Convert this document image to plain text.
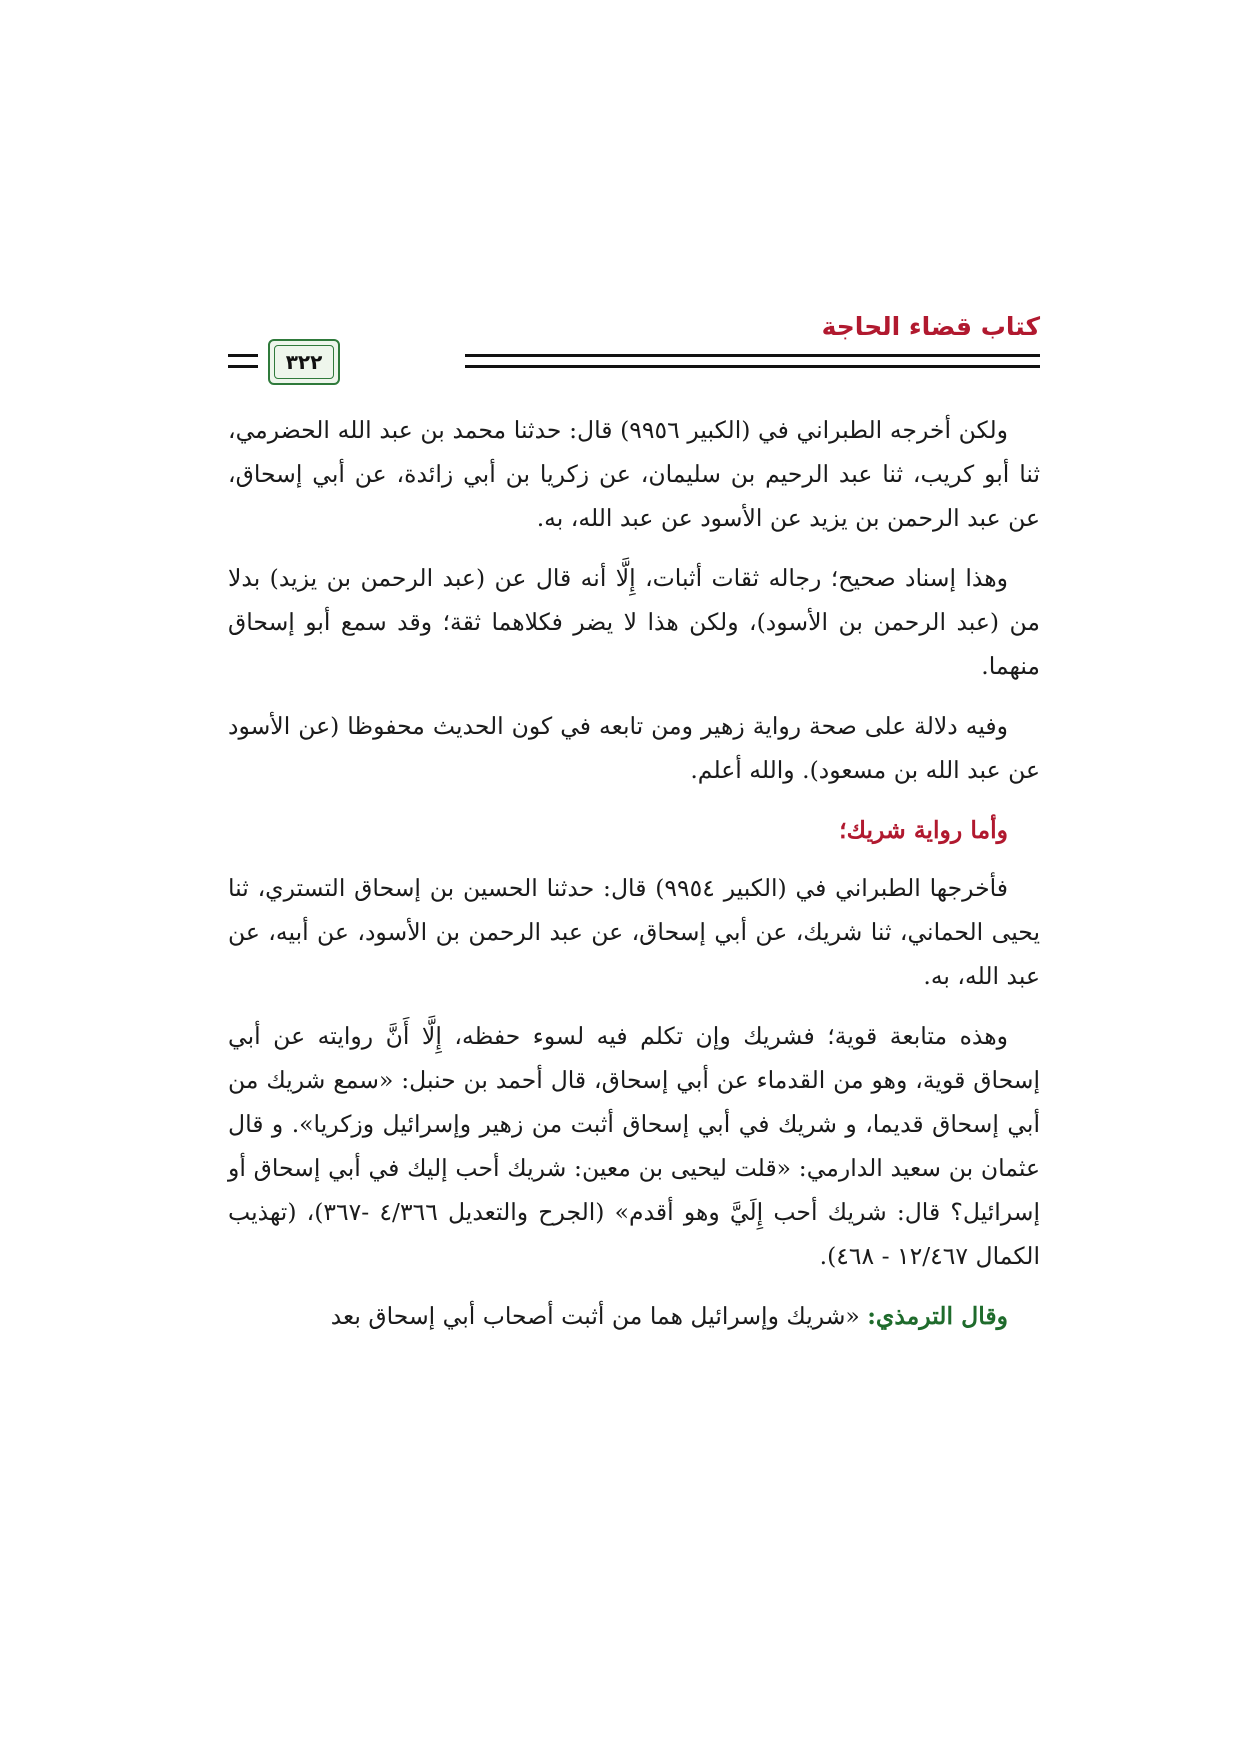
كتاب قضاء الحاجة
٣٢٢

ولكن أخرجه الطبراني في (الكبير ٩٩٥٦) قال: حدثنا محمد بن عبد الله الحضرمي، ثنا أبو كريب، ثنا عبد الرحيم بن سليمان، عن زكريا بن أبي زائدة، عن أبي إسحاق، عن عبد الرحمن بن يزيد عن الأسود عن عبد الله، به.

وهذا إسناد صحيح؛ رجاله ثقات أثبات، إِلَّا أنه قال عن (عبد الرحمن بن يزيد) بدلا من (عبد الرحمن بن الأسود)، ولكن هذا لا يضر فكلاهما ثقة؛ وقد سمع أبو إسحاق منهما.

وفيه دلالة على صحة رواية زهير ومن تابعه في كون الحديث محفوظا (عن الأسود عن عبد الله بن مسعود). والله أعلم.

وأما رواية شريك؛

فأخرجها الطبراني في (الكبير ٩٩٥٤) قال: حدثنا الحسين بن إسحاق التستري، ثنا يحيى الحماني، ثنا شريك، عن أبي إسحاق، عن عبد الرحمن بن الأسود، عن أبيه، عن عبد الله، به.

وهذه متابعة قوية؛ فشريك وإن تكلم فيه لسوء حفظه، إِلَّا أَنَّ روايته عن أبي إسحاق قوية، وهو من القدماء عن أبي إسحاق، قال أحمد بن حنبل: «سمع شريك من أبي إسحاق قديما، و شريك في أبي إسحاق أثبت من زهير وإسرائيل وزكريا». و قال عثمان بن سعيد الدارمي: «قلت ليحيى بن معين: شريك أحب إليك في أبي إسحاق أو إسرائيل؟ قال: شريك أحب إِلَيَّ وهو أقدم» (الجرح والتعديل ٤/٣٦٦ -٣٦٧)، (تهذيب الكمال ١٢/٤٦٧ - ٤٦٨).

وقال الترمذي: «شريك وإسرائيل هما من أثبت أصحاب أبي إسحاق بعد
